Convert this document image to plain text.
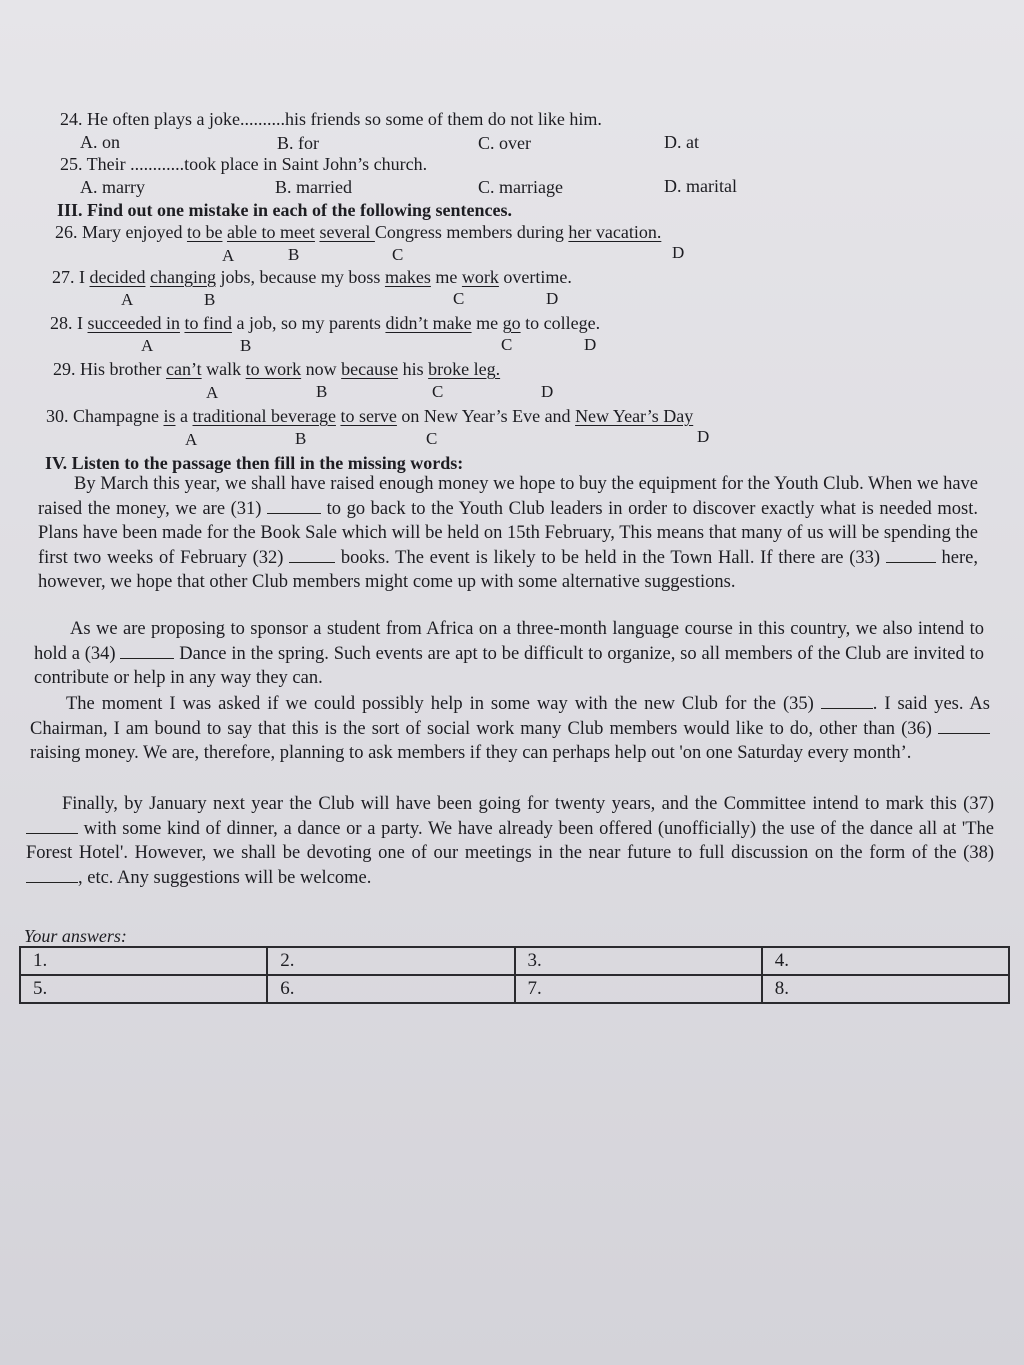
24. He often plays a joke..........his friends so some of them do not like him.
A. on	B. for	C. over	D. at
25. Their ............took place in Saint John’s church.
A. marry	B. married	C. marriage	D. marital
III. Find out one mistake in each of the following sentences.
26. Mary enjoyed to be able to meet several Congress members during her vacation.
A	B	C	D
27. I decided changing jobs, because my boss makes me work overtime.
A	B	C	D
28. I succeeded in to find a job, so my parents didn’t make me go to college.
A	B	C	D
29. His brother can’t walk to work now because his broke leg.
A	B	C	D
30. Champagne is a traditional beverage to serve on New Year’s Eve and New Year’s Day
A	B	C	D
IV. Listen to the passage then fill in the missing words:

By March this year, we shall have raised enough money we hope to buy the equipment for the Youth Club. When we have raised the money, we are (31)	to go back to the Youth Club leaders in order to discover exactly what is needed most. Plans have been made for the Book Sale which will be held on 15th February, This means that many of us will be spending the first two weeks of February (32)  books. The event is likely to be held in the Town Hall. If there are (33)	here, however, we hope that other Club members might come up with some alternative suggestions.

As we are proposing to sponsor a student from Africa on a three-month language course in this country, we also intend to hold a (34)	Dance in the spring. Such events are apt to be difficult to organize, so all members of the Club are invited to contribute or help in any way they can.

The moment I was asked if we could possibly help in some way with the new Club for the (35)	. I said yes. As Chairman, I am bound to say that this is the sort of social work many Club members would like to do, other than (36)  raising money. We are, therefore, planning to ask members if they can perhaps help out 'on one Saturday every month’.

Finally, by January next year the Club will have been going for twenty years, and the Committee intend to mark this (37)  with some kind of dinner, a dance or a party. We have already been offered (unofficially) the use of the dance all at 'The Forest Hotel'. However, we shall be devoting one of our meetings in the near future to full discussion on the form of the (38) , etc. Any suggestions will be welcome.

Your answers:
1.	2.	3.	4.
5.	6.	7.	8.
